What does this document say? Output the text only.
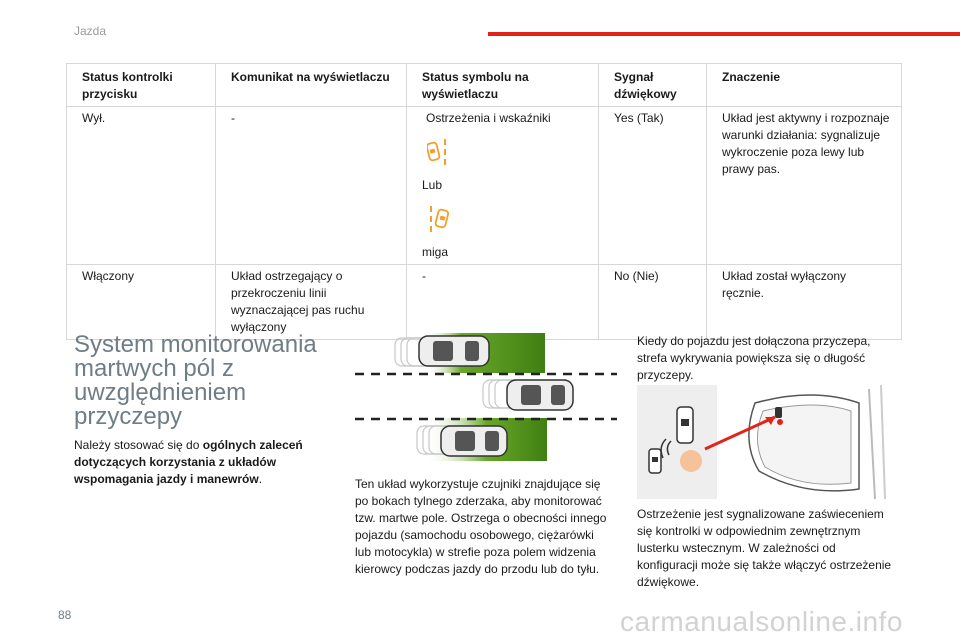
Jazda
Status kontrolki przycisku	Komunikat na wyświetlaczu	Status symbolu na wyświetlaczu	Sygnał dźwiękowy	Znaczenie
Wył.	-	Ostrzeżenia i wskaźniki
Lub
miga	Yes (Tak)	Układ jest aktywny i rozpoznaje warunki działania: sygnalizuje wykroczenie poza lewy lub prawy pas.
Włączony	Układ ostrzegający o przekroczeniu linii wyznaczającej pas ruchu wyłączony	-	No (Nie)	Układ został wyłączony ręcznie.
System monitorowania martwych pól z uwzględnieniem przyczepy
Należy stosować się do ogólnych zaleceń dotyczących korzystania z układów wspomagania jazdy i manewrów.	Ten układ wykorzystuje czujniki znajdujące się po bokach tylnego zderzaka, aby monitorować tzw. martwe pole. Ostrzega o obecności innego pojazdu (samochodu osobowego, ciężarówki lub motocykla) w strefie poza polem widzenia kierowcy podczas jazdy do przodu lub do tyłu.
Kiedy do pojazdu jest dołączona przyczepa, strefa wykrywania powiększa się o długość przyczepy.
Ostrzeżenie jest sygnalizowane zaświeceniem się kontrolki w odpowiednim zewnętrznym lusterku wstecznym. W zależności od konfiguracji może się także włączyć ostrzeżenie dźwiękowe.
88	carmanualsonline.info
